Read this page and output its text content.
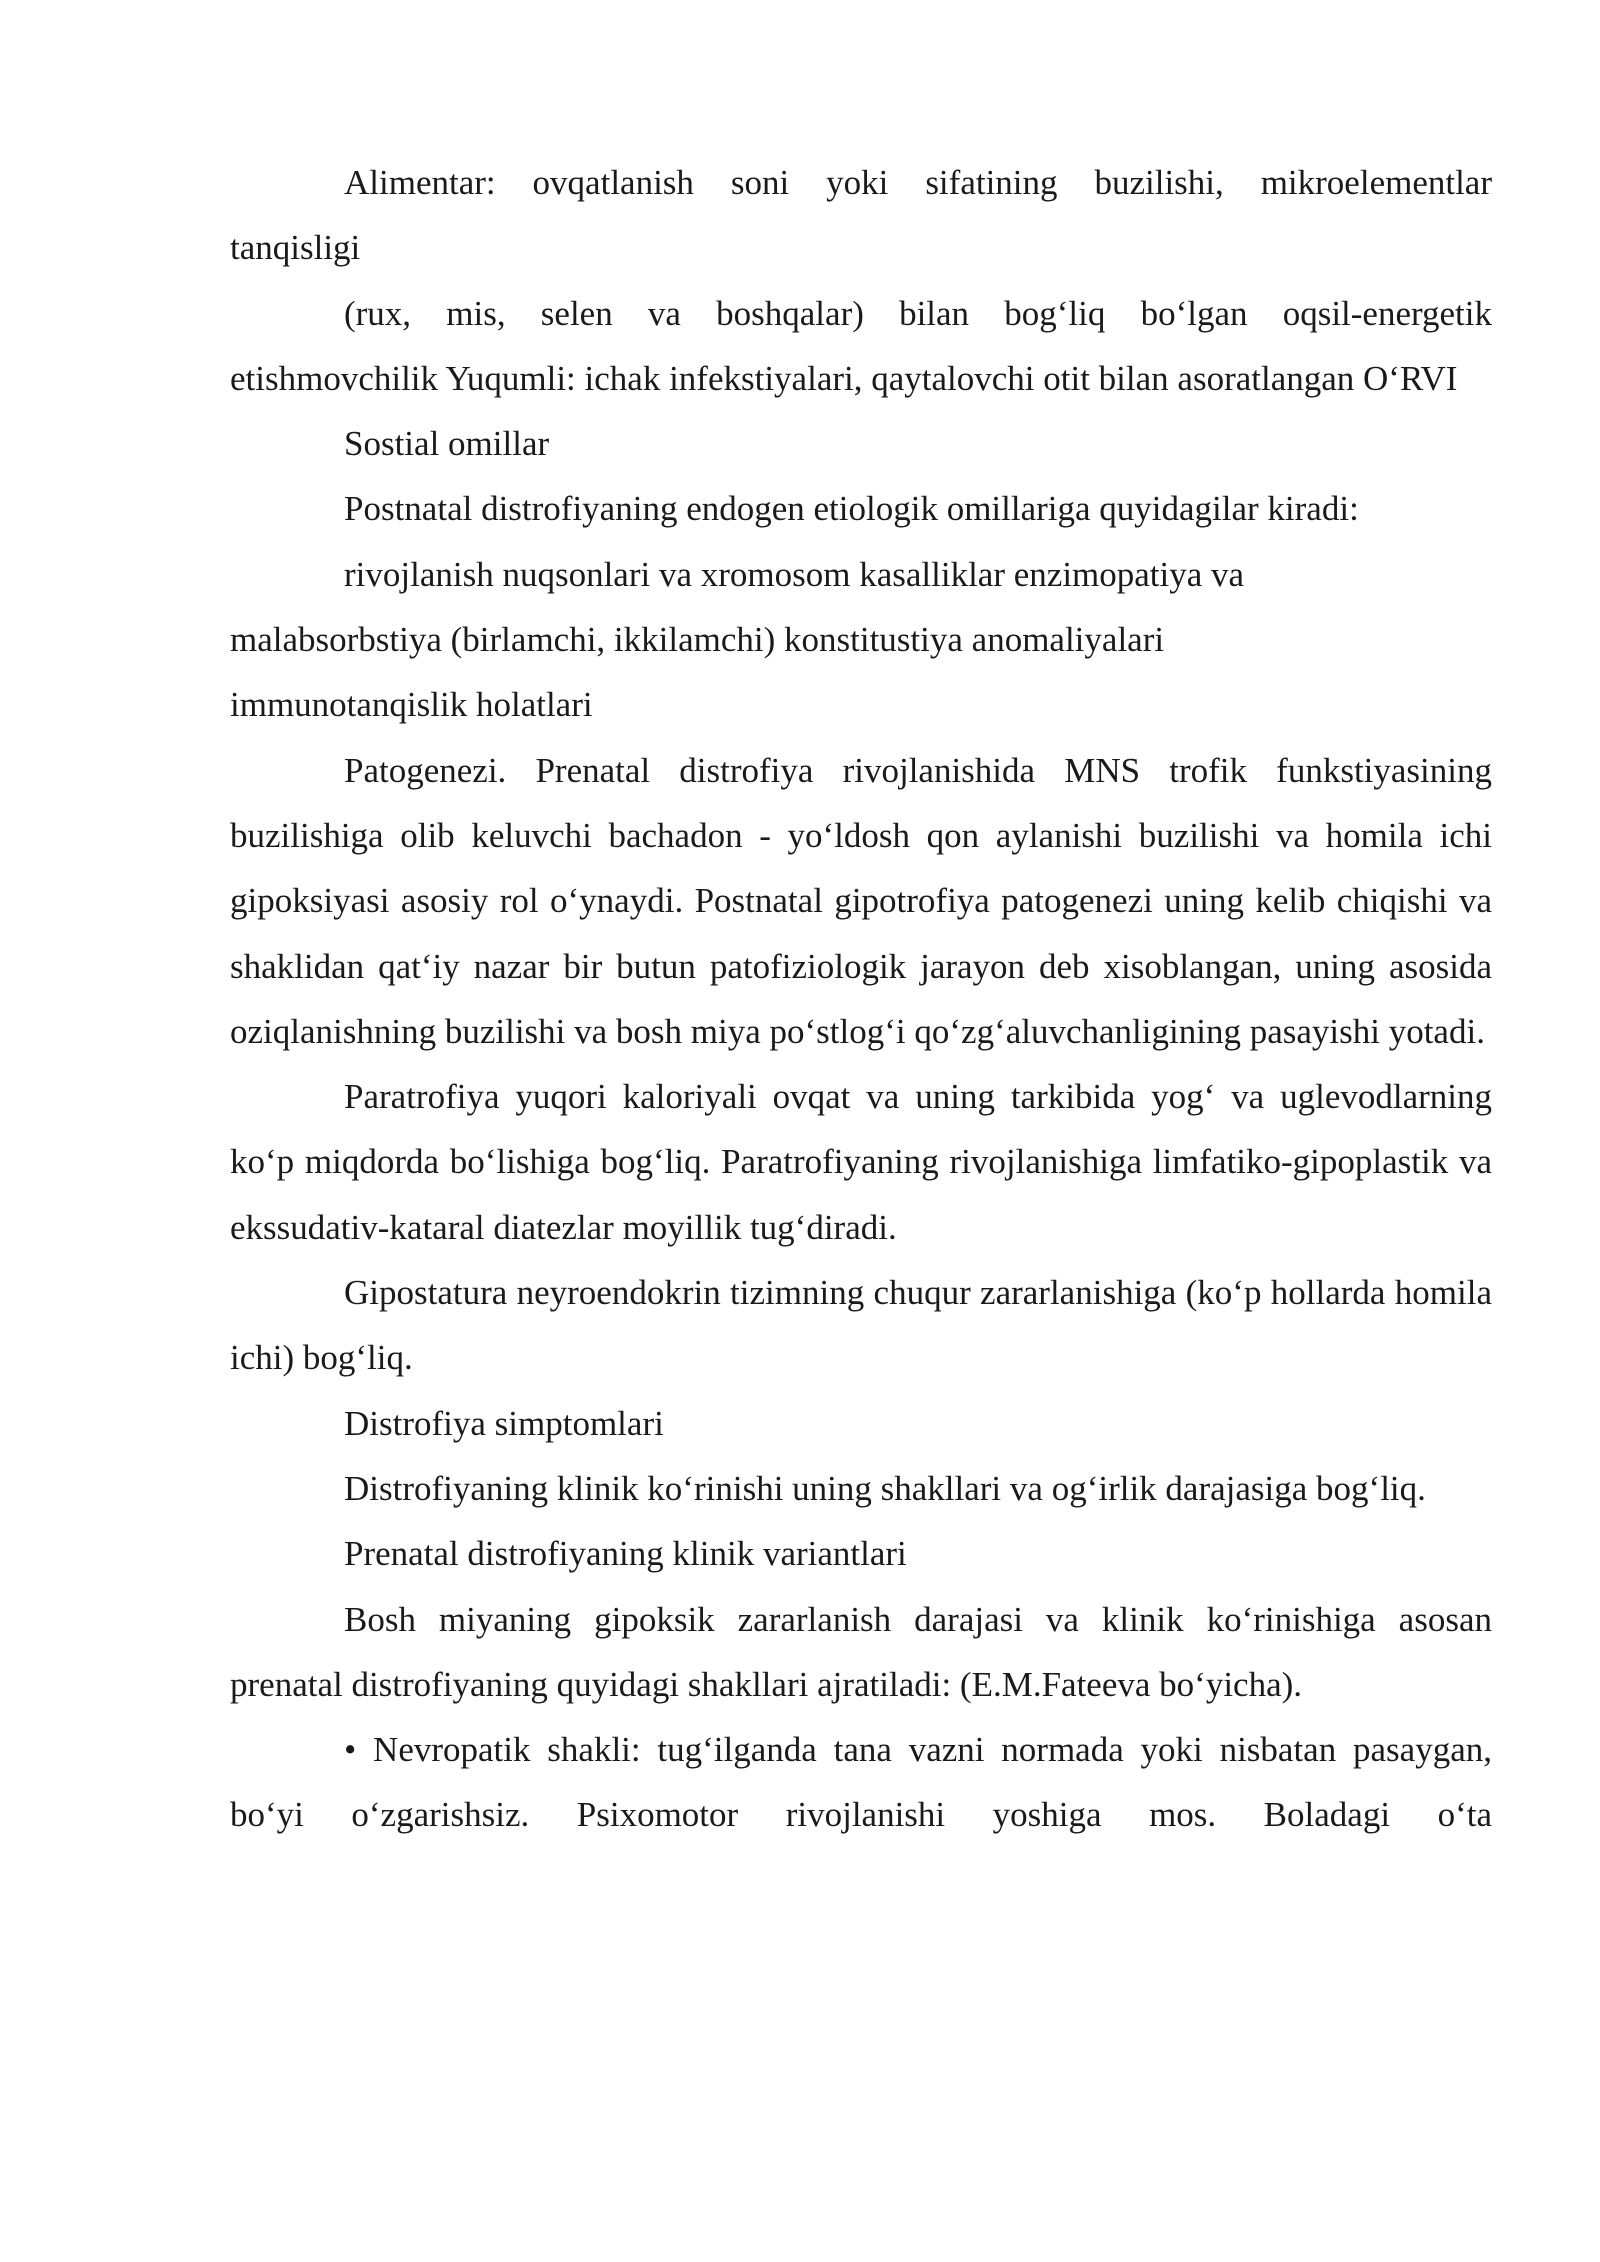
Alimentar: ovqatlanish soni yoki sifatining buzilishi, mikroelementlar

tanqisligi

(rux, mis, selen va boshqalar) bilan bog‘liq bo‘lgan oqsil-energetik etishmovchilik Yuqumli: ichak infekstiyalari, qaytalovchi otit bilan asoratlangan O‘RVI

Sostial omillar

Postnatal distrofiyaning endogen etiologik omillariga quyidagilar kiradi:

rivojlanish nuqsonlari va xromosom kasalliklar enzimopatiya va

malabsorbstiya (birlamchi, ikkilamchi) konstitustiya anomaliyalari

immunotanqislik holatlari

Patogenezi. Prenatal distrofiya rivojlanishida MNS trofik funkstiyasining buzilishiga olib keluvchi bachadon - yo‘ldosh qon aylanishi buzilishi va homila ichi gipoksiyasi asosiy rol o‘ynaydi. Postnatal gipotrofiya patogenezi uning kelib chiqishi va shaklidan qat‘iy nazar bir butun patofiziologik jarayon deb xisoblangan, uning asosida oziqlanishning buzilishi va bosh miya po‘stlog‘i qo‘zg‘aluvchanligining pasayishi yotadi.

Paratrofiya yuqori kaloriyali ovqat va uning tarkibida yog‘ va uglevodlarning ko‘p miqdorda bo‘lishiga bog‘liq. Paratrofiyaning rivojlanishiga limfatiko-gipoplastik va ekssudativ-kataral diatezlar moyillik tug‘diradi.

Gipostatura neyroendokrin tizimning chuqur zararlanishiga (ko‘p hollarda homila ichi) bog‘liq.

Distrofiya simptomlari

Distrofiyaning klinik ko‘rinishi uning shakllari va og‘irlik darajasiga bog‘liq.

Prenatal distrofiyaning klinik variantlari

Bosh miyaning gipoksik zararlanish darajasi va klinik ko‘rinishiga asosan prenatal distrofiyaning quyidagi shakllari ajratiladi: (E.M.Fateeva bo‘yicha).

• Nevropatik shakli: tug‘ilganda tana vazni normada yoki nisbatan pasaygan, bo‘yi o‘zgarishsiz. Psixomotor rivojlanishi yoshiga mos. Boladagi o‘ta
